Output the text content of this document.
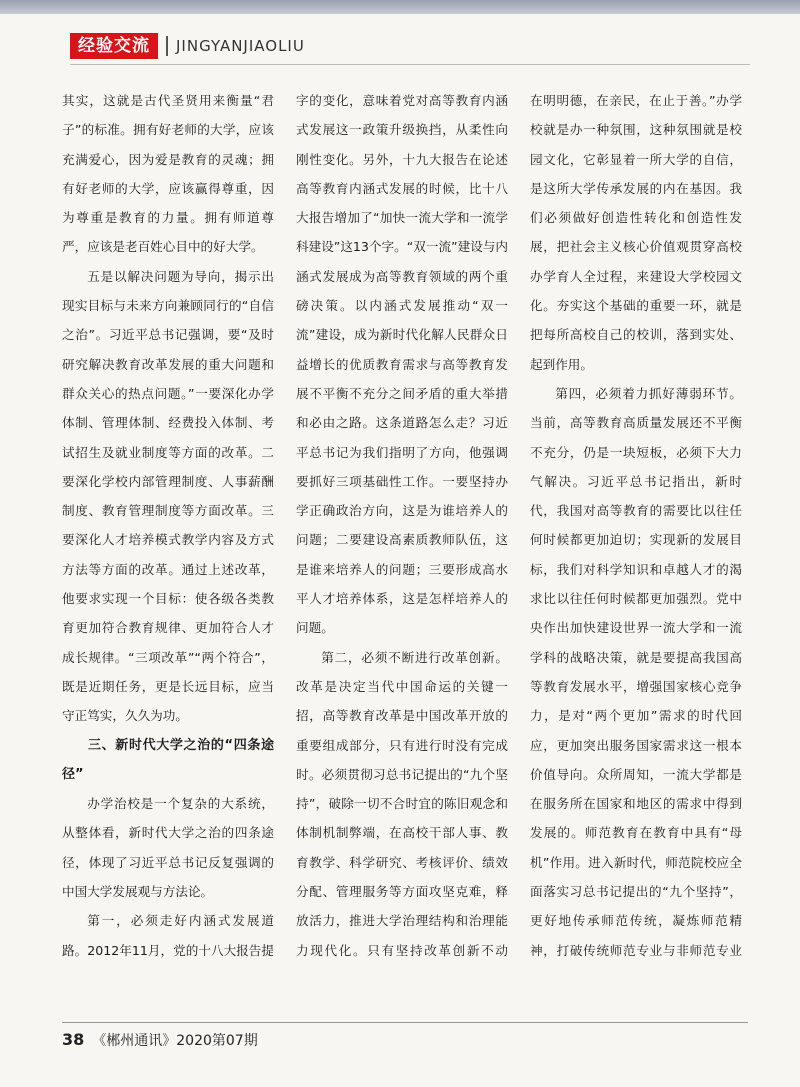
经验交流	JINGYANJIAOLIU

其实，这就是古代圣贤用来衡量“君子”的标准。拥有好老师的大学，应该充满爱心，因为爱是教育的灵魂；拥有好老师的大学，应该赢得尊重，因为尊重是教育的力量。拥有师道尊严，应该是老百姓心目中的好大学。

五是以解决问题为导向，揭示出现实目标与未来方向兼顾同行的“自信之治”。习近平总书记强调，要“及时研究解决教育改革发展的重大问题和群众关心的热点问题。”一要深化办学体制、管理体制、经费投入体制、考试招生及就业制度等方面的改革。二要深化学校内部管理制度、人事薪酬制度、教育管理制度等方面改革。三要深化人才培养模式教学内容及方式方法等方面的改革。通过上述改革，他要求实现一个目标：使各级各类教育更加符合教育规律、更加符合人才成长规律。“三项改革”“两个符合”，既是近期任务，更是长远目标，应当守正笃实，久久为功。

三、新时代大学之治的“四条途径”

办学治校是一个复杂的大系统，从整体看，新时代大学之治的四条途径，体现了习近平总书记反复强调的中国大学发展观与方法论。

第一，必须走好内涵式发展道路。2012年11月，党的十八大报告提

字的变化，意味着党对高等教育内涵式发展这一政策升级换挡，从柔性向刚性变化。另外，十九大报告在论述高等教育内涵式发展的时候，比十八大报告增加了“加快一流大学和一流学科建设”这13个字。“双一流”建设与内涵式发展成为高等教育领域的两个重磅决策。以内涵式发展推动“双一流”建设，成为新时代化解人民群众日益增长的优质教育需求与高等教育发展不平衡不充分之间矛盾的重大举措和必由之路。这条道路怎么走？习近平总书记为我们指明了方向，他强调要抓好三项基础性工作。一要坚持办学正确政治方向，这是为谁培养人的问题；二要建设高素质教师队伍，这是谁来培养人的问题；三要形成高水平人才培养体系，这是怎样培养人的问题。

第二，必须不断进行改革创新。改革是决定当代中国命运的关键一招，高等教育改革是中国改革开放的重要组成部分，只有进行时没有完成时。必须贯彻习总书记提出的“九个坚持”，破除一切不合时宜的陈旧观念和体制机制弊端，在高校干部人事、教育教学、科学研究、考核评价、绩效分配、管理服务等方面攻坚克难，释放活力，推进大学治理结构和治理能力现代化。只有坚持改革创新不动

在明明德，在亲民，在止于善。”办学校就是办一种氛围，这种氛围就是校园文化，它彰显着一所大学的自信，是这所大学传承发展的内在基因。我们必须做好创造性转化和创造性发展，把社会主义核心价值观贯穿高校办学育人全过程，来建设大学校园文化。夯实这个基础的重要一环，就是把每所高校自己的校训，落到实处、起到作用。

第四，必须着力抓好薄弱环节。当前，高等教育高质量发展还不平衡不充分，仍是一块短板，必须下大力气解决。习近平总书记指出，新时代，我国对高等教育的需要比以往任何时候都更加迫切；实现新的发展目标，我们对科学知识和卓越人才的渴求比以往任何时候都更加强烈。党中央作出加快建设世界一流大学和一流学科的战略决策，就是要提高我国高等教育发展水平，增强国家核心竞争力，是对“两个更加”需求的时代回应，更加突出服务国家需求这一根本价值导向。众所周知，一流大学都是在服务所在国家和地区的需求中得到发展的。师范教育在教育中具有“母机”作用。进入新时代，师范院校应全面落实习总书记提出的“九个坚持”，更好地传承师范传统，凝炼师范精神，打破传统师范专业与非师范专业

38 《郴州通讯》2020第07期
